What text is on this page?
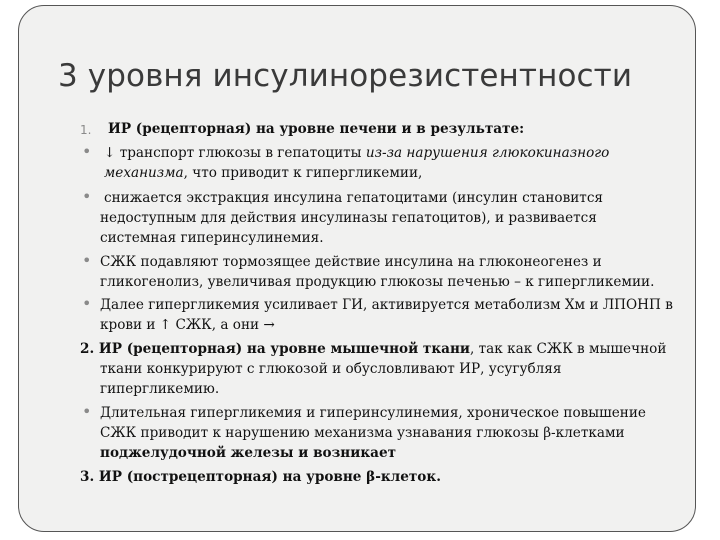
3 уровня инсулинорезистентности
1. ИР (рецепторная) на уровне печени и в результате:
• ↓ транспорт глюкозы в гепатоциты из-за нарушения глюкокиназного
механизма, что приводит к гипергликемии,
• снижается экстракция инсулина гепатоцитами (инсулин становится
недоступным для действия инсулиназы гепатоцитов), и развивается
системная гиперинсулинемия.
• СЖК подавляют тормозящее действие инсулина на глюконеогенез и
гликогенолиз, увеличивая продукцию глюкозы печенью – к гипергликемии.
• Далее гипергликемия усиливает ГИ, активируется метаболизм Хм и ЛПОНП в
крови и ↑ СЖК, а они →
2. ИР (рецепторная) на уровне мышечной ткани, так как СЖК в мышечной
ткани конкурируют с глюкозой и обусловливают ИР, усугубляя
гипергликемию.
• Длительная гипергликемия и гиперинсулинемия, хроническое повышение
СЖК приводит к нарушению механизма узнавания глюкозы β-клетками
поджелудочной железы и возникает
3. ИР (пострецепторная) на уровне β-клеток.
